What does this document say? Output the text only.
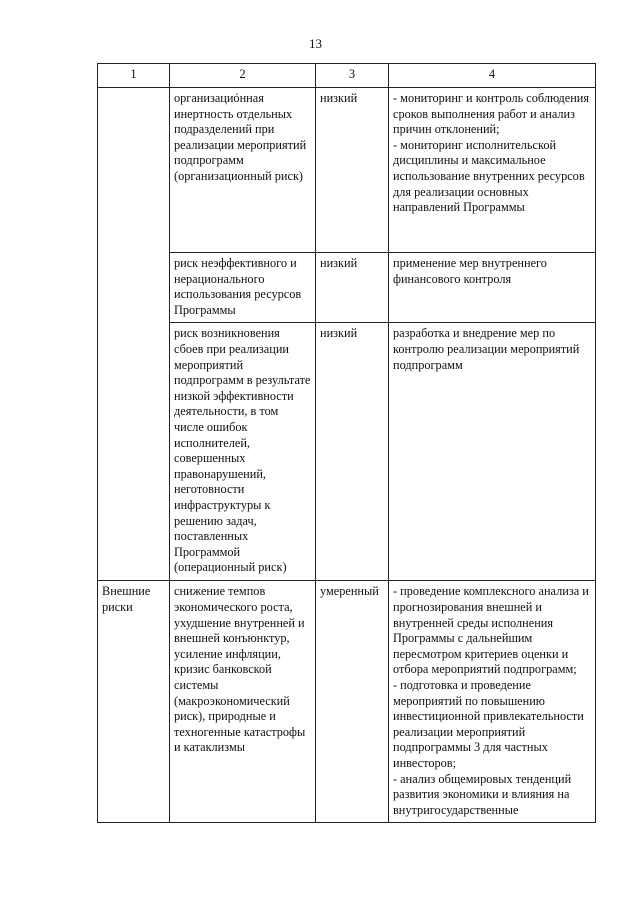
13
1	2	3	4

	организациóнная инертность отдельных подразделений при реализации мероприятий подпрограмм (организационный риск)	низкий	- мониторинг и контроль соблюдения сроков выполнения работ и анализ причин отклонений;
- мониторинг исполнительской дисциплины и максимальное использование внутренних ресурсов для реализации основных направлений Программы

	риск неэффективного и нерационального использования ресурсов Программы	низкий	применение мер внутреннего финансового контроля

	риск возникновения сбоев при реализации мероприятий подпрограмм в результате низкой эффективности деятельности, в том числе ошибок исполнителей, совершенных правонарушений, неготовности инфраструктуры к решению задач, поставленных Программой (операционный риск)	низкий	разработка и внедрение мер по контролю реализации мероприятий подпрограмм

Внешние риски	снижение темпов экономического роста, ухудшение внутренней и внешней конъюнктур, усиление инфляции, кризис банковской системы (макроэкономический риск), природные и техногенные катастрофы и катаклизмы	умеренный	- проведение комплексного анализа и прогнозирования внешней и внутренней среды исполнения Программы с дальнейшим пересмотром критериев оценки и отбора мероприятий подпрограмм;
- подготовка и проведение мероприятий по повышению инвестиционной привлекательности реализации мероприятий подпрограммы 3 для частных инвесторов;
- анализ общемировых тенденций развития экономики и влияния на внутригосударственные
